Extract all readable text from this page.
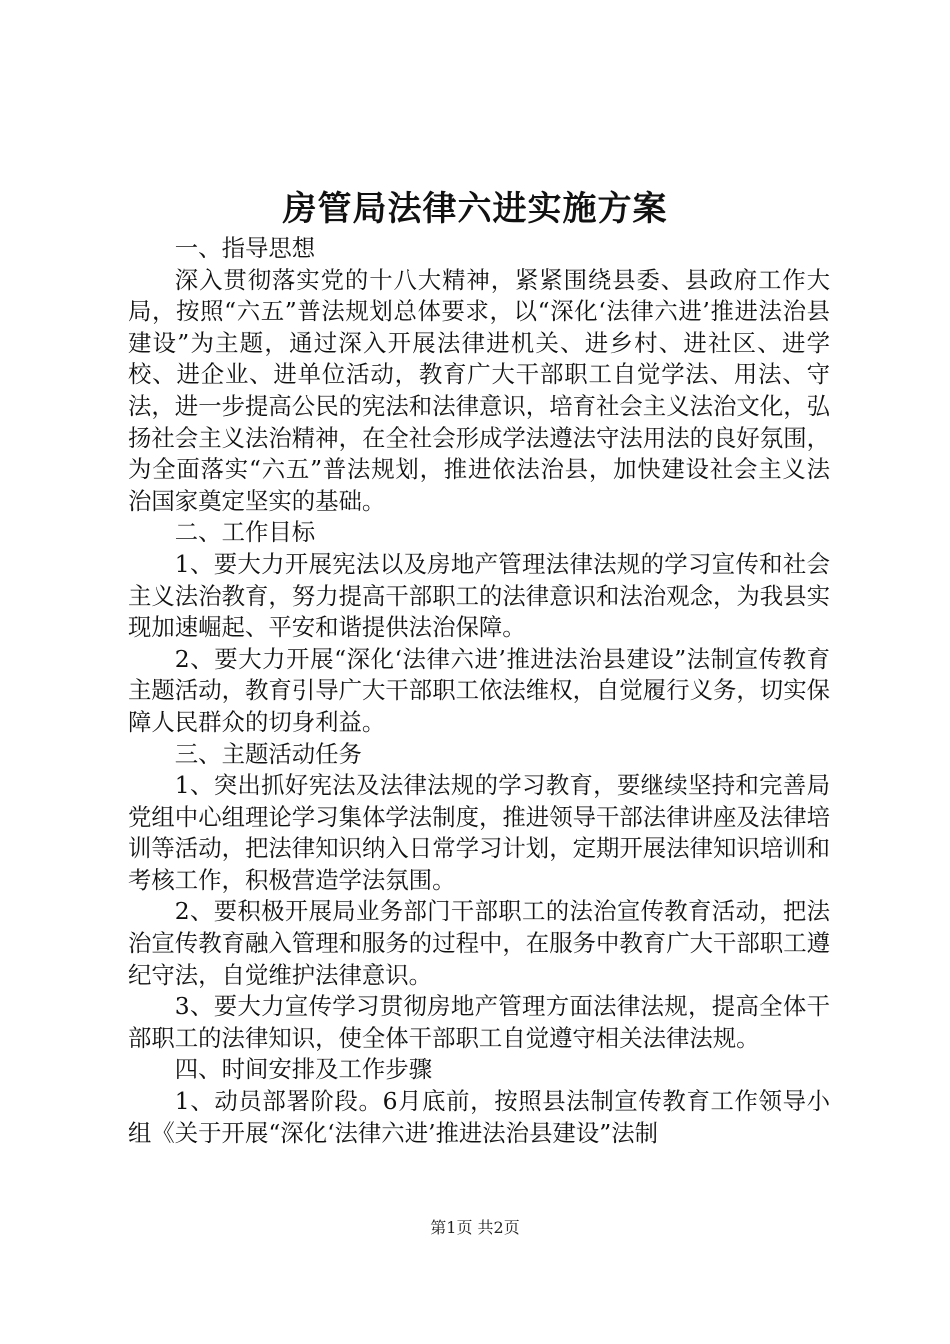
房管局法律六进实施方案

一、指导思想

深入贯彻落实党的十八大精神，紧紧围绕县委、县政府工作大局，按照“六五”普法规划总体要求，以“深化‘法律六进’推进法治县建设”为主题，通过深入开展法律进机关、进乡村、进社区、进学校、进企业、进单位活动，教育广大干部职工自觉学法、用法、守法，进一步提高公民的宪法和法律意识，培育社会主义法治文化，弘扬社会主义法治精神，在全社会形成学法遵法守法用法的良好氛围，为全面落实“六五”普法规划，推进依法治县，加快建设社会主义法治国家奠定坚实的基础。

二、工作目标

1、要大力开展宪法以及房地产管理法律法规的学习宣传和社会主义法治教育，努力提高干部职工的法律意识和法治观念，为我县实现加速崛起、平安和谐提供法治保障。

2、要大力开展“深化‘法律六进’推进法治县建设”法制宣传教育主题活动，教育引导广大干部职工依法维权，自觉履行义务，切实保障人民群众的切身利益。

三、主题活动任务

1、突出抓好宪法及法律法规的学习教育，要继续坚持和完善局党组中心组理论学习集体学法制度，推进领导干部法律讲座及法律培训等活动，把法律知识纳入日常学习计划，定期开展法律知识培训和考核工作，积极营造学法氛围。

2、要积极开展局业务部门干部职工的法治宣传教育活动，把法治宣传教育融入管理和服务的过程中，在服务中教育广大干部职工遵纪守法，自觉维护法律意识。

3、要大力宣传学习贯彻房地产管理方面法律法规，提高全体干部职工的法律知识，使全体干部职工自觉遵守相关法律法规。

四、时间安排及工作步骤

1、动员部署阶段。6月底前，按照县法制宣传教育工作领导小组《关于开展“深化‘法律六进’推进法治县建设”法制

第1页 共2页
